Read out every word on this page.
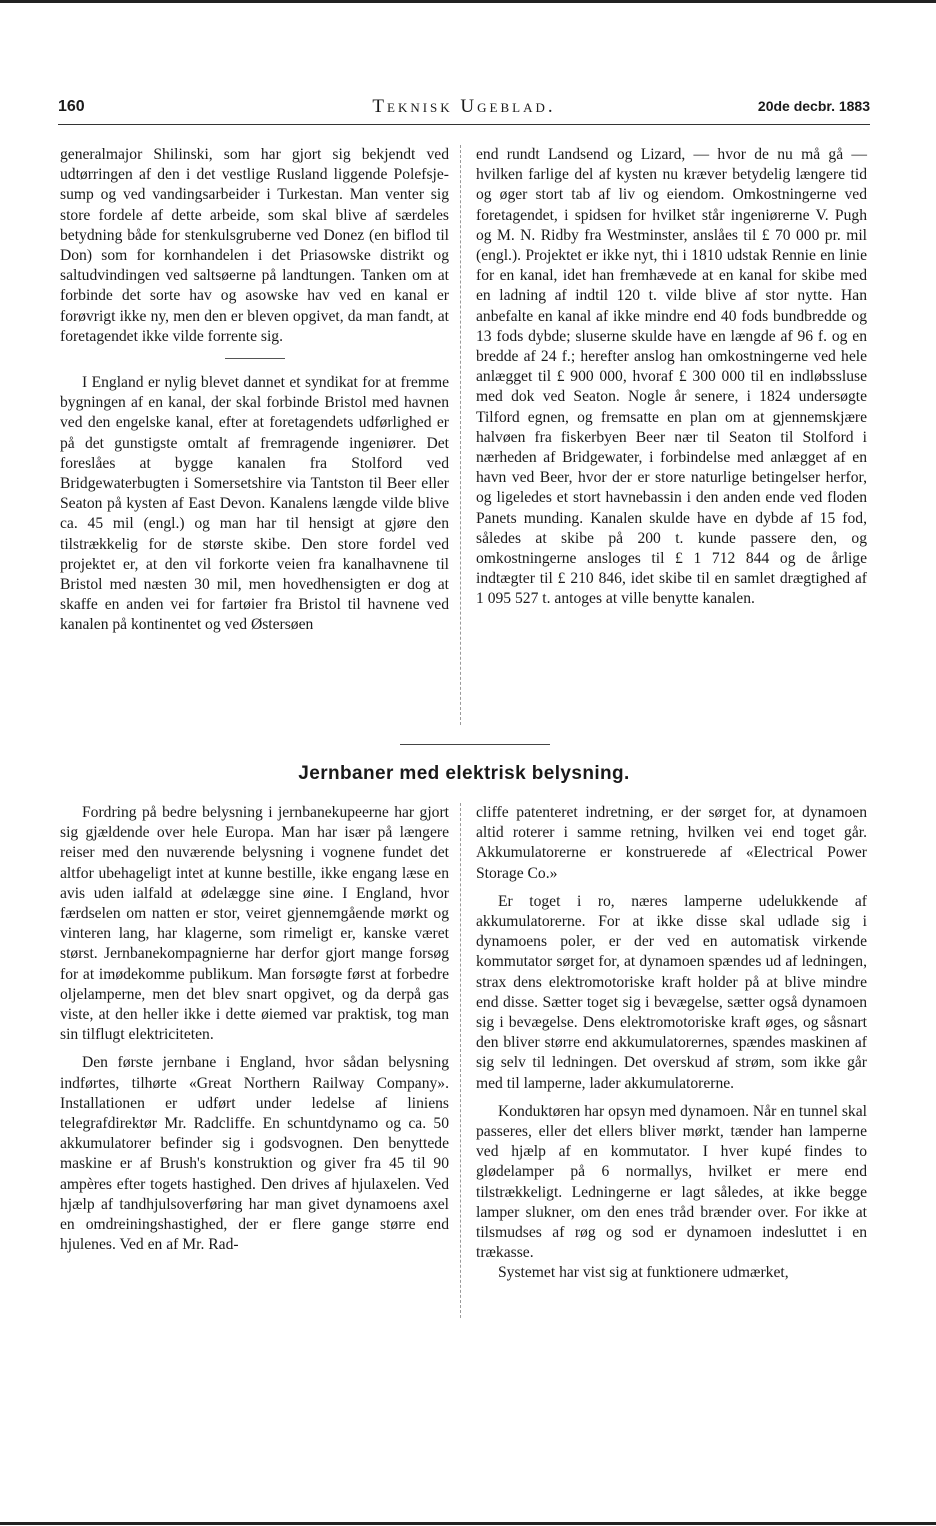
160	Teknisk Ugeblad.	20de decbr. 1883

generalmajor Shilinski, som har gjort sig bekjendt ved udtørringen af den i det vestlige Rusland liggende Polefsje-sump og ved vandingsarbeider i Turkestan. Man venter sig store fordele af dette arbeide, som skal blive af særdeles betydning både for stenkulsgruberne ved Donez (en biflod til Don) som for kornhandelen i det Priasowske distrikt og saltudvindingen ved saltsøerne på landtungen. Tanken om at forbinde det sorte hav og asowske hav ved en kanal er forøvrigt ikke ny, men den er bleven opgivet, da man fandt, at foretagendet ikke vilde forrente sig.

I England er nylig blevet dannet et syndikat for at fremme bygningen af en kanal, der skal forbinde Bristol med havnen ved den engelske kanal, efter at foretagendets udførlighed er på det gunstigste omtalt af fremragende ingeniører. Det foreslåes at bygge kanalen fra Stolford ved Bridgewaterbugten i Somersetshire via Tantston til Beer eller Seaton på kysten af East Devon. Kanalens længde vilde blive ca. 45 mil (engl.) og man har til hensigt at gjøre den tilstrækkelig for de største skibe. Den store fordel ved projektet er, at den vil forkorte veien fra kanalhavnene til Bristol med næsten 30 mil, men hovedhensigten er dog at skaffe en anden vei for fartøier fra Bristol til havnene ved kanalen på kontinentet og ved Østersøen

end rundt Landsend og Lizard, — hvor de nu må gå — hvilken farlige del af kysten nu kræver betydelig længere tid og øger stort tab af liv og eiendom. Omkostningerne ved foretagendet, i spidsen for hvilket står ingeniørerne V. Pugh og M. N. Ridby fra Westminster, anslåes til £ 70 000 pr. mil (engl.). Projektet er ikke nyt, thi i 1810 udstak Rennie en linie for en kanal, idet han fremhævede at en kanal for skibe med en ladning af indtil 120 t. vilde blive af stor nytte. Han anbefalte en kanal af ikke mindre end 40 fods bundbredde og 13 fods dybde; sluserne skulde have en længde af 96 f. og en bredde af 24 f.; herefter anslog han omkostningerne ved hele anlægget til £ 900 000, hvoraf £ 300 000 til en indløbssluse med dok ved Seaton. Nogle år senere, i 1824 undersøgte Tilford egnen, og fremsatte en plan om at gjennemskjære halvøen fra fiskerbyen Beer nær til Seaton til Stolford i nærheden af Bridgewater, i forbindelse med anlægget af en havn ved Beer, hvor der er store naturlige betingelser herfor, og ligeledes et stort havnebassin i den anden ende ved floden Panets munding. Kanalen skulde have en dybde af 15 fod, således at skibe på 200 t. kunde passere den, og omkostningerne ansloges til £ 1 712 844 og de årlige indtægter til £ 210 846, idet skibe til en samlet drægtighed af 1 095 527 t. antoges at ville benytte kanalen.

Jernbaner med elektrisk belysning.

Fordring på bedre belysning i jernbanekupeerne har gjort sig gjældende over hele Europa. Man har især på længere reiser med den nuværende belysning i vognene fundet det altfor ubehageligt intet at kunne bestille, ikke engang læse en avis uden ialfald at ødelægge sine øine. I England, hvor færdselen om natten er stor, veiret gjennemgående mørkt og vinteren lang, har klagerne, som rimeligt er, kanske været størst. Jernbanekompagnierne har derfor gjort mange forsøg for at imødekomme publikum. Man forsøgte først at forbedre oljelamperne, men det blev snart opgivet, og da derpå gas viste, at den heller ikke i dette øiemed var praktisk, tog man sin tilflugt elektriciteten.

Den første jernbane i England, hvor sådan belysning indførtes, tilhørte «Great Northern Railway Company». Installationen er udført under ledelse af liniens telegrafdirektør Mr. Radcliffe. En schuntdynamo og ca. 50 akkumulatorer befinder sig i godsvognen. Den benyttede maskine er af Brush's konstruktion og giver fra 45 til 90 ampères efter togets hastighed. Den drives af hjulaxelen. Ved hjælp af tandhjulsoverføring har man givet dynamoens axel en omdreiningshastighed, der er flere gange større end hjulenes. Ved en af Mr. Rad-

cliffe patenteret indretning, er der sørget for, at dynamoen altid roterer i samme retning, hvilken vei end toget går. Akkumulatorerne er konstruerede af «Electrical Power Storage Co.»

Er toget i ro, næres lamperne udelukkende af akkumulatorerne. For at ikke disse skal udlade sig i dynamoens poler, er der ved en automatisk virkende kommutator sørget for, at dynamoen spændes ud af ledningen, strax dens elektromotoriske kraft holder på at blive mindre end disse. Sætter toget sig i bevægelse, sætter også dynamoen sig i bevægelse. Dens elektromotoriske kraft øges, og såsnart den bliver større end akkumulatorernes, spændes maskinen af sig selv til ledningen. Det overskud af strøm, som ikke går med til lamperne, lader akkumulatorerne.

Konduktøren har opsyn med dynamoen. Når en tunnel skal passeres, eller det ellers bliver mørkt, tænder han lamperne ved hjælp af en kommutator. I hver kupé findes to glødelamper på 6 normallys, hvilket er mere end tilstrækkeligt. Ledningerne er lagt således, at ikke begge lamper slukner, om den enes tråd brænder over. For ikke at tilsmudses af røg og sod er dynamoen indesluttet i en trækasse.

Systemet har vist sig at funktionere udmærket,
